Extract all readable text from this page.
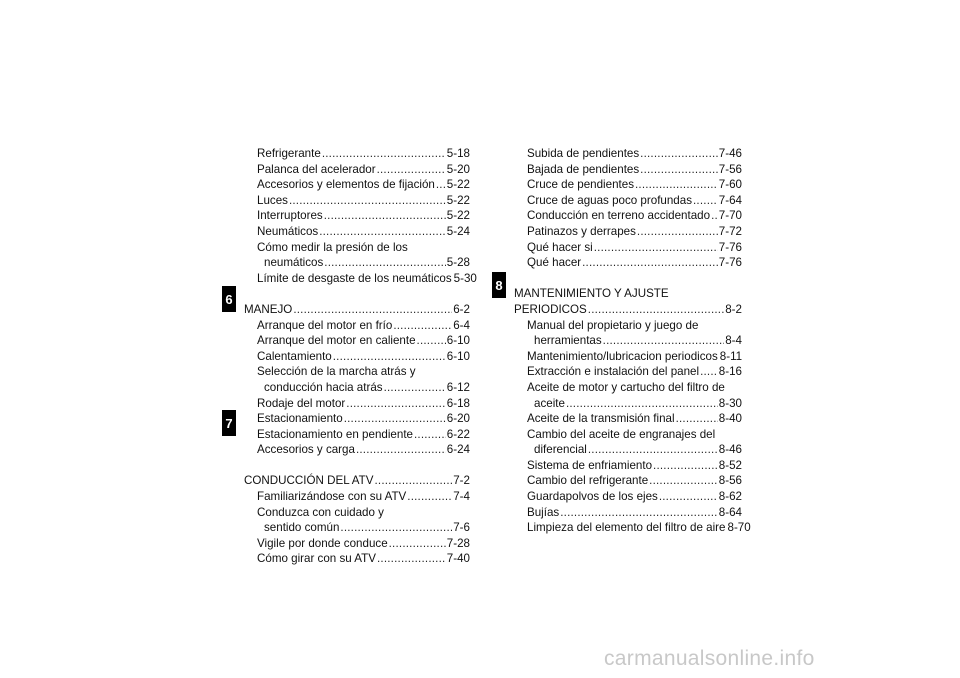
6
7
8
Refrigerante .....	5-18
Palanca del acelerador .....	5-20
Accesorios y elementos de fijación ..... 5-22
Luces .....	5-22
Interruptores .....	5-22
Neumáticos .....	5-24
Cómo medir la presión de los
neumáticos .....	5-28
Límite de desgaste de los neumáticos 5-30
MANEJO .....	6-2
Arranque del motor en frío .....	6-4
Arranque del motor en caliente .....	6-10
Calentamiento .....	6-10
Selección de la marcha atrás y
conducción hacia atrás .....	6-12
Rodaje del motor .....	6-18
Estacionamiento .....	6-20
Estacionamiento en pendiente .....	6-22
Accesorios y carga .....	6-24
CONDUCCIÓN DEL ATV .....	7-2
Familiarizándose con su ATV .....	7-4
Conduzca con cuidado y
sentido común .....	7-6
Vigile por donde conduce .....	7-28
Cómo girar con su ATV .....	7-40
Subida de pendientes .....	7-46
Bajada de pendientes .....	7-56
Cruce de pendientes .....	7-60
Cruce de aguas poco profundas ..... 7-64
Conducción en terreno accidentado ..... 7-70
Patinazos y derrapes .....	7-72
Qué hacer si .....	7-76
Qué hacer .....	7-76
MANTENIMIENTO Y AJUSTE
PERIODICOS .....	8-2
Manual del propietario y juego de
herramientas .....	8-4
Mantenimiento/lubricacion periodicos 8-11
Extracción e instalación del panel ..... 8-16
Aceite de motor y cartucho del filtro de
aceite .....	8-30
Aceite de la transmisión final .....	8-40
Cambio del aceite de engranajes del
diferencial .....	8-46
Sistema de enfriamiento .....	8-52
Cambio del refrigerante .....	8-56
Guardapolvos de los ejes .....	8-62
Bujías .....	8-64
Limpieza del elemento del filtro de aire 8-70
carmanualsonline.info
